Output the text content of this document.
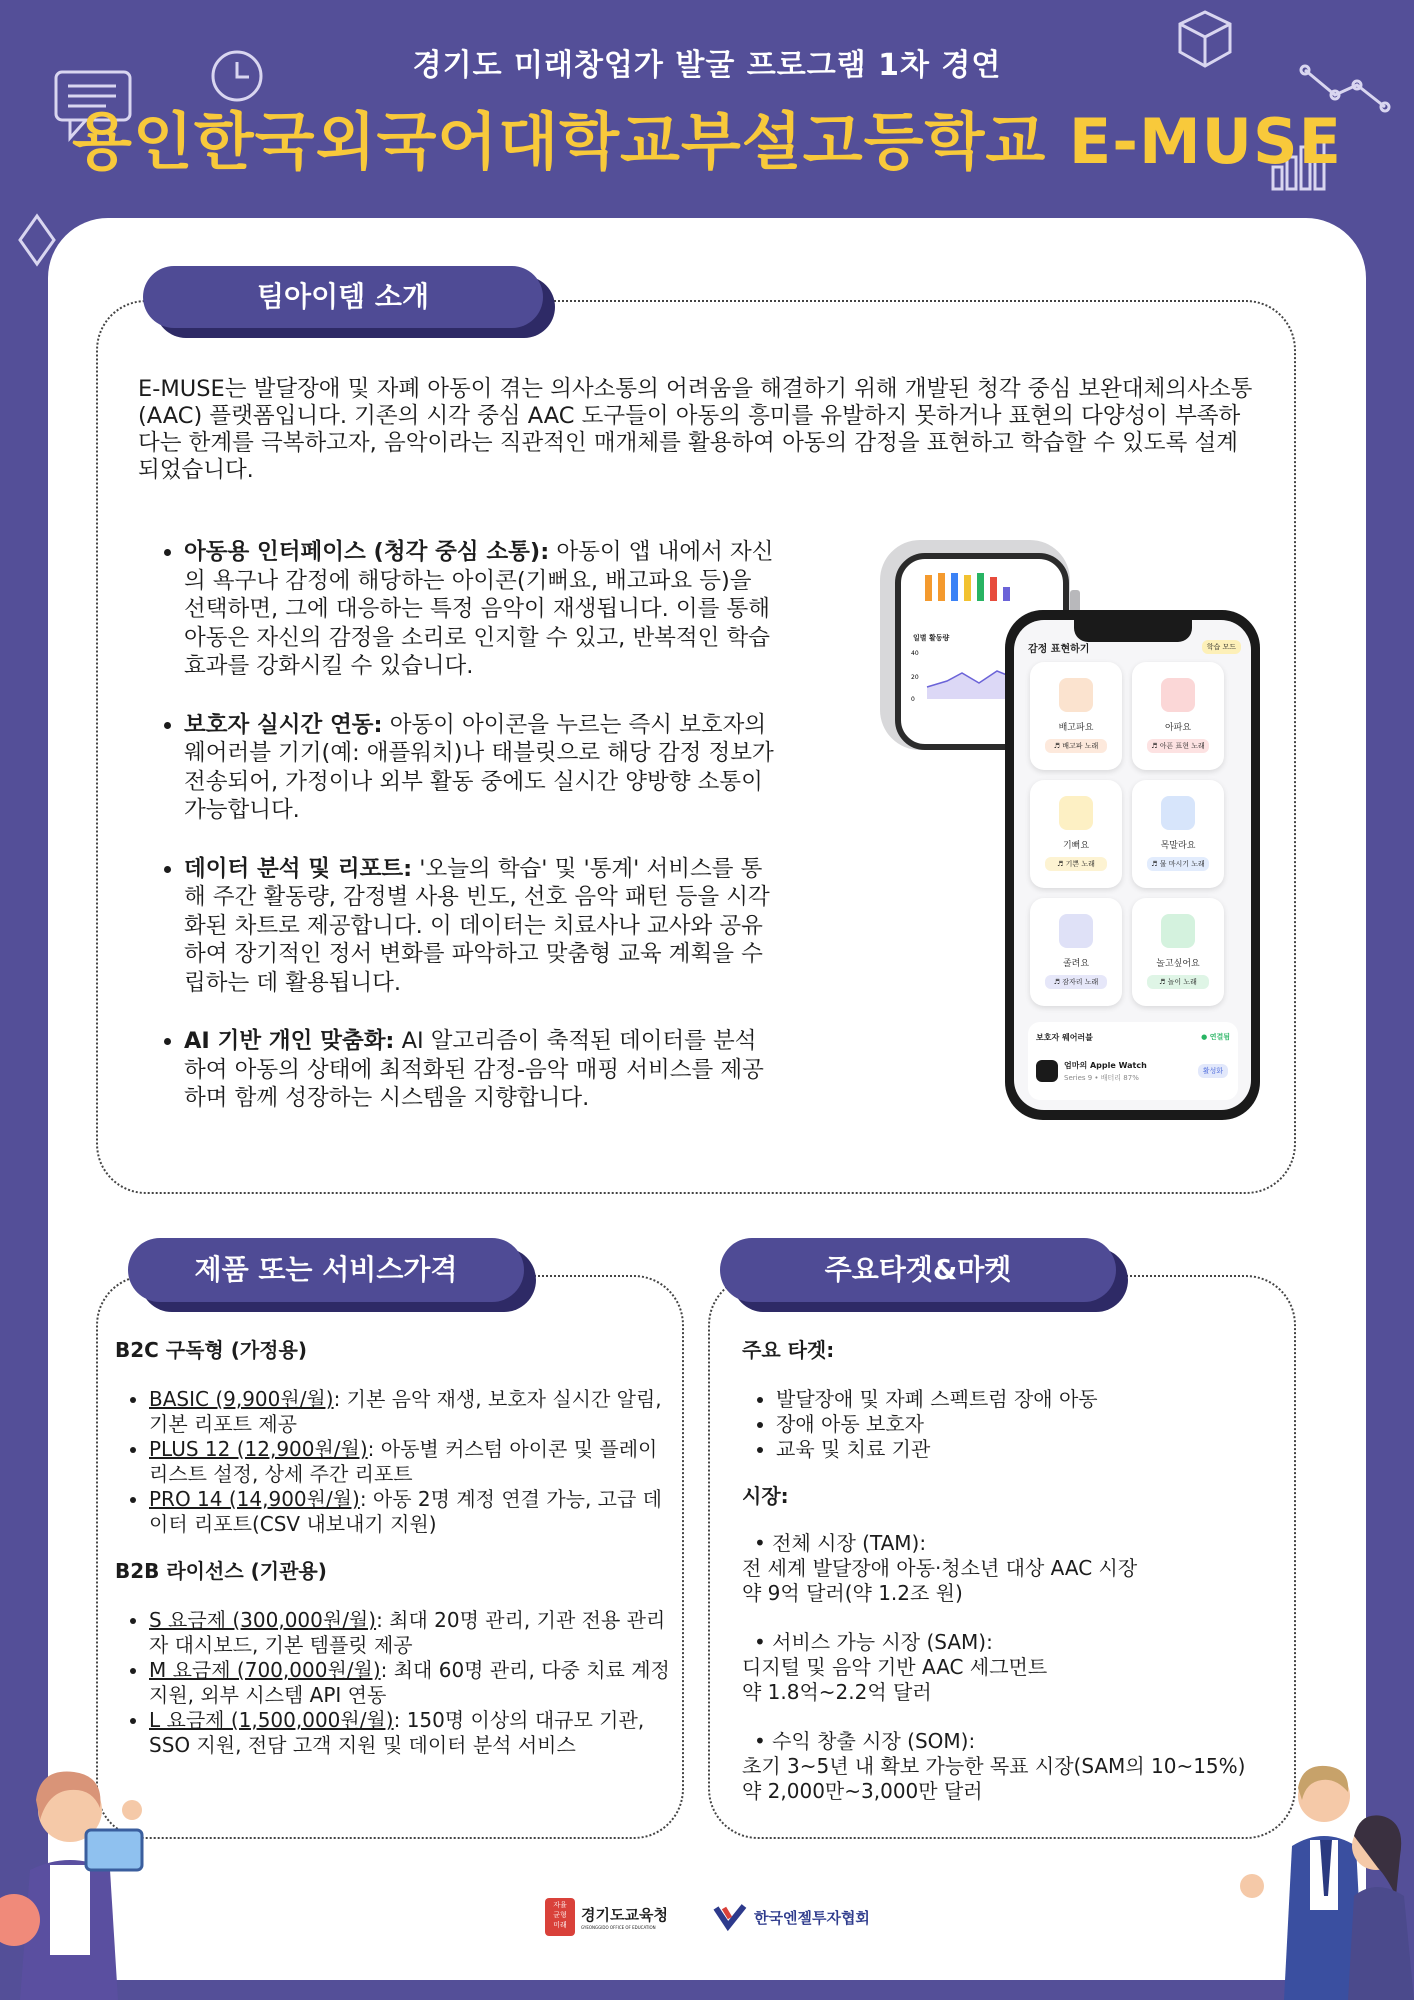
경기도 미래창업가 발굴 프로그램 1차 경연
용인한국외국어대학교부설고등학교 E-MUSE
팀아이템 소개
E-MUSE는 발달장애 및 자폐 아동이 겪는 의사소통의 어려움을 해결하기 위해 개발된 청각 중심 보완대체의사소통(AAC) 플랫폼입니다. 기존의 시각 중심 AAC 도구들이 아동의 흥미를 유발하지 못하거나 표현의 다양성이 부족하다는 한계를 극복하고자, 음악이라는 직관적인 매개체를 활용하여 아동의 감정을 표현하고 학습할 수 있도록 설계되었습니다.
• 아동용 인터페이스 (청각 중심 소통): 아동이 앱 내에서 자신의 욕구나 감정에 해당하는 아이콘(기뻐요, 배고파요 등)을 선택하면, 그에 대응하는 특정 음악이 재생됩니다. 이를 통해 아동은 자신의 감정을 소리로 인지할 수 있고, 반복적인 학습 효과를 강화시킬 수 있습니다.
• 보호자 실시간 연동: 아동이 아이콘을 누르는 즉시 보호자의 웨어러블 기기(예: 애플워치)나 태블릿으로 해당 감정 정보가 전송되어, 가정이나 외부 활동 중에도 실시간 양방향 소통이 가능합니다.
• 데이터 분석 및 리포트: '오늘의 학습' 및 '통계' 서비스를 통해 주간 활동량, 감정별 사용 빈도, 선호 음악 패턴 등을 시각화된 차트로 제공합니다. 이 데이터는 치료사나 교사와 공유하여 장기적인 정서 변화를 파악하고 맞춤형 교육 계획을 수립하는 데 활용됩니다.
• AI 기반 개인 맞춤화: AI 알고리즘이 축적된 데이터를 분석하여 아동의 상태에 최적화된 감정-음악 매핑 서비스를 제공하며 함께 성장하는 시스템을 지향합니다.
일별 활동량
40
20
0
감정 표현하기	학습 모드
배고파요
♬ 배고파 노래
아파요
♬ 아픈 표현 노래
기뻐요
♬ 기쁜 노래
목말라요
♬ 물 마시기 노래
졸려요
♬ 잠자리 노래
놀고싶어요
♬ 놀이 노래
보호자 웨어러블	● 연결됨
엄마의 Apple Watch
Series 9 • 배터리 87%
활성화
제품 또는 서비스가격
B2C 구독형 (가정용)
• BASIC (9,900원/월): 기본 음악 재생, 보호자 실시간 알림, 기본 리포트 제공
• PLUS 12 (12,900원/월): 아동별 커스텀 아이콘 및 플레이리스트 설정, 상세 주간 리포트
• PRO 14 (14,900원/월): 아동 2명 계정 연결 가능, 고급 데이터 리포트(CSV 내보내기 지원)
B2B 라이선스 (기관용)
• S 요금제 (300,000원/월): 최대 20명 관리, 기관 전용 관리자 대시보드, 기본 템플릿 제공
• M 요금제 (700,000원/월): 최대 60명 관리, 다중 치료 계정 지원, 외부 시스템 API 연동
• L 요금제 (1,500,000원/월): 150명 이상의 대규모 기관, SSO 지원, 전담 고객 지원 및 데이터 분석 서비스
주요타겟&마켓
주요 타겟:
• 발달장애 및 자폐 스펙트럼 장애 아동
• 장애 아동 보호자
• 교육 및 치료 기관
시장:
• 전체 시장 (TAM):
전 세계 발달장애 아동·청소년 대상 AAC 시장
약 9억 달러(약 1.2조 원)
• 서비스 가능 시장 (SAM):
디지털 및 음악 기반 AAC 세그먼트
약 1.8억~2.2억 달러
• 수익 창출 시장 (SOM):
초기 3~5년 내 확보 가능한 목표 시장(SAM의 10~15%)
약 2,000만~3,000만 달러
자율
균형
미래
경기도교육청
GYEONGGIDO OFFICE OF EDUCATION
한국엔젤투자협회
